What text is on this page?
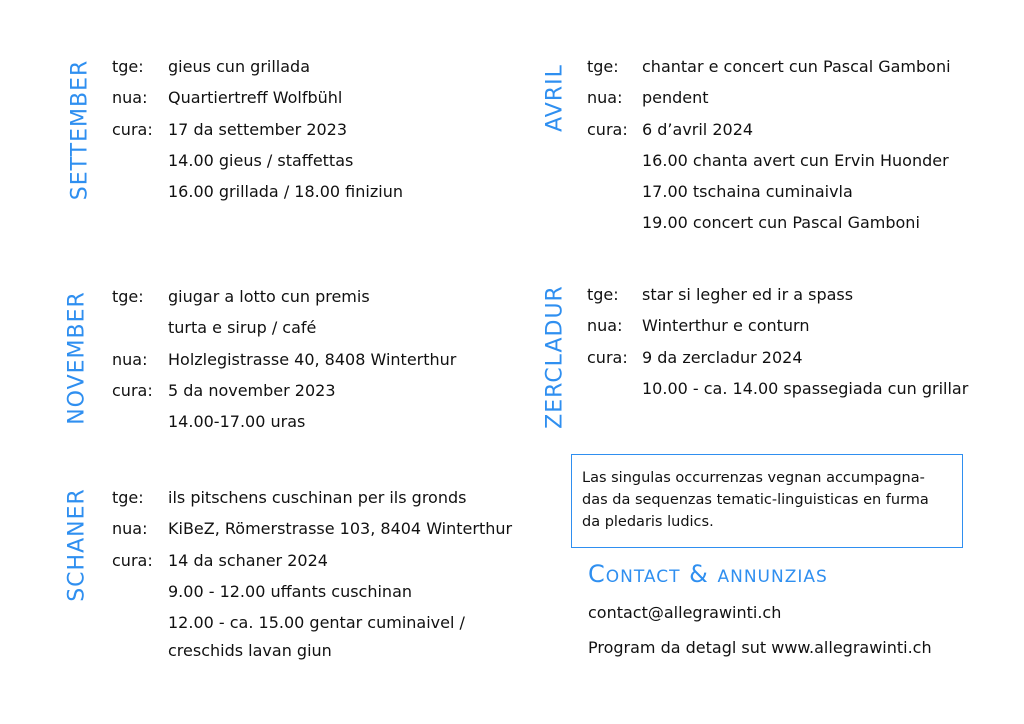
SETTEMBER tge: gieus cun grillada
nua: Quartiertreff Wolfbühl
cura: 17 da settember 2023
14.00 gieus / staffettas
16.00 grillada / 18.00 finiziun
NOVEMBER tge: giugar a lotto cun premis
turta e sirup / café
nua: Holzlegistrasse 40, 8408 Winterthur
cura: 5 da november 2023
14.00-17.00 uras
SCHANER tge: ils pitschens cuschinan per ils gronds
nua: KiBeZ, Römerstrasse 103, 8404 Winterthur
cura: 14 da schaner 2024
9.00 - 12.00 uffants cuschinan
12.00 - ca. 15.00 gentar cuminaivel /
creschids lavan giun
AVRIL tge: chantar e concert cun Pascal Gamboni
nua: pendent
cura: 6 d’avril 2024
16.00 chanta avert cun Ervin Huonder
17.00 tschaina cuminaivla
19.00 concert cun Pascal Gamboni
ZERCLADUR tge: star si legher ed ir a spass
nua: Winterthur e conturn
cura: 9 da zercladur 2024
10.00 - ca. 14.00 spassegiada cun grillar
Las singulas occurrenzas vegnan accumpagna-
das da sequenzas tematic-linguisticas en furma
da pledaris ludics.
Contact & annunzias
contact@allegrawinti.ch
Program da detagl sut www.allegrawinti.ch
